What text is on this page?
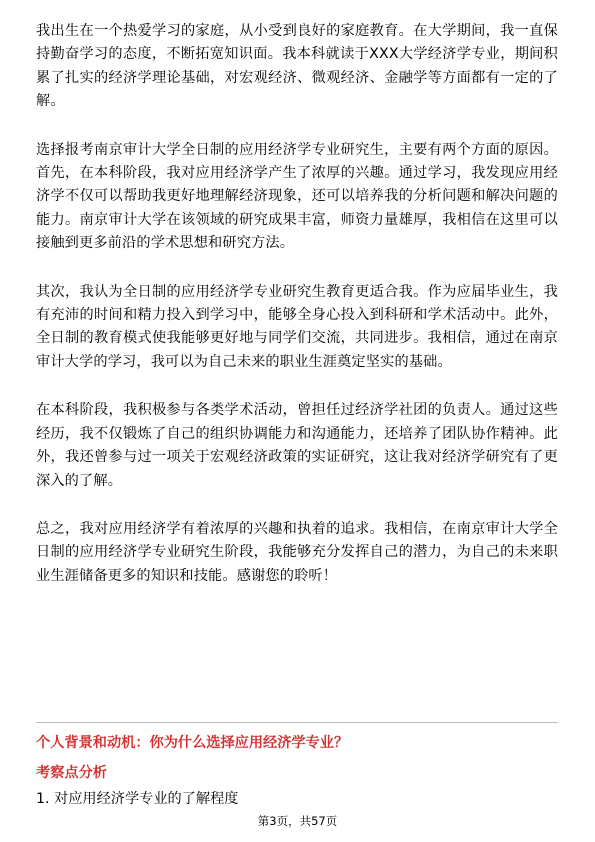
我出生在一个热爱学习的家庭，从小受到良好的家庭教育。在大学期间，我一直保持勤奋学习的态度，不断拓宽知识面。我本科就读于XXX大学经济学专业，期间积累了扎实的经济学理论基础，对宏观经济、微观经济、金融学等方面都有一定的了解。

选择报考南京审计大学全日制的应用经济学专业研究生，主要有两个方面的原因。首先，在本科阶段，我对应用经济学产生了浓厚的兴趣。通过学习，我发现应用经济学不仅可以帮助我更好地理解经济现象，还可以培养我的分析问题和解决问题的能力。南京审计大学在该领域的研究成果丰富，师资力量雄厚，我相信在这里可以接触到更多前沿的学术思想和研究方法。

其次，我认为全日制的应用经济学专业研究生教育更适合我。作为应届毕业生，我有充沛的时间和精力投入到学习中，能够全身心投入到科研和学术活动中。此外，全日制的教育模式使我能够更好地与同学们交流，共同进步。我相信，通过在南京审计大学的学习，我可以为自己未来的职业生涯奠定坚实的基础。

在本科阶段，我积极参与各类学术活动，曾担任过经济学社团的负责人。通过这些经历，我不仅锻炼了自己的组织协调能力和沟通能力，还培养了团队协作精神。此外，我还曾参与过一项关于宏观经济政策的实证研究，这让我对经济学研究有了更深入的了解。

总之，我对应用经济学有着浓厚的兴趣和执着的追求。我相信，在南京审计大学全日制的应用经济学专业研究生阶段，我能够充分发挥自己的潜力，为自己的未来职业生涯储备更多的知识和技能。感谢您的聆听！

个人背景和动机：你为什么选择应用经济学专业？
考察点分析
1. 对应用经济学专业的了解程度
第3页，共57页
